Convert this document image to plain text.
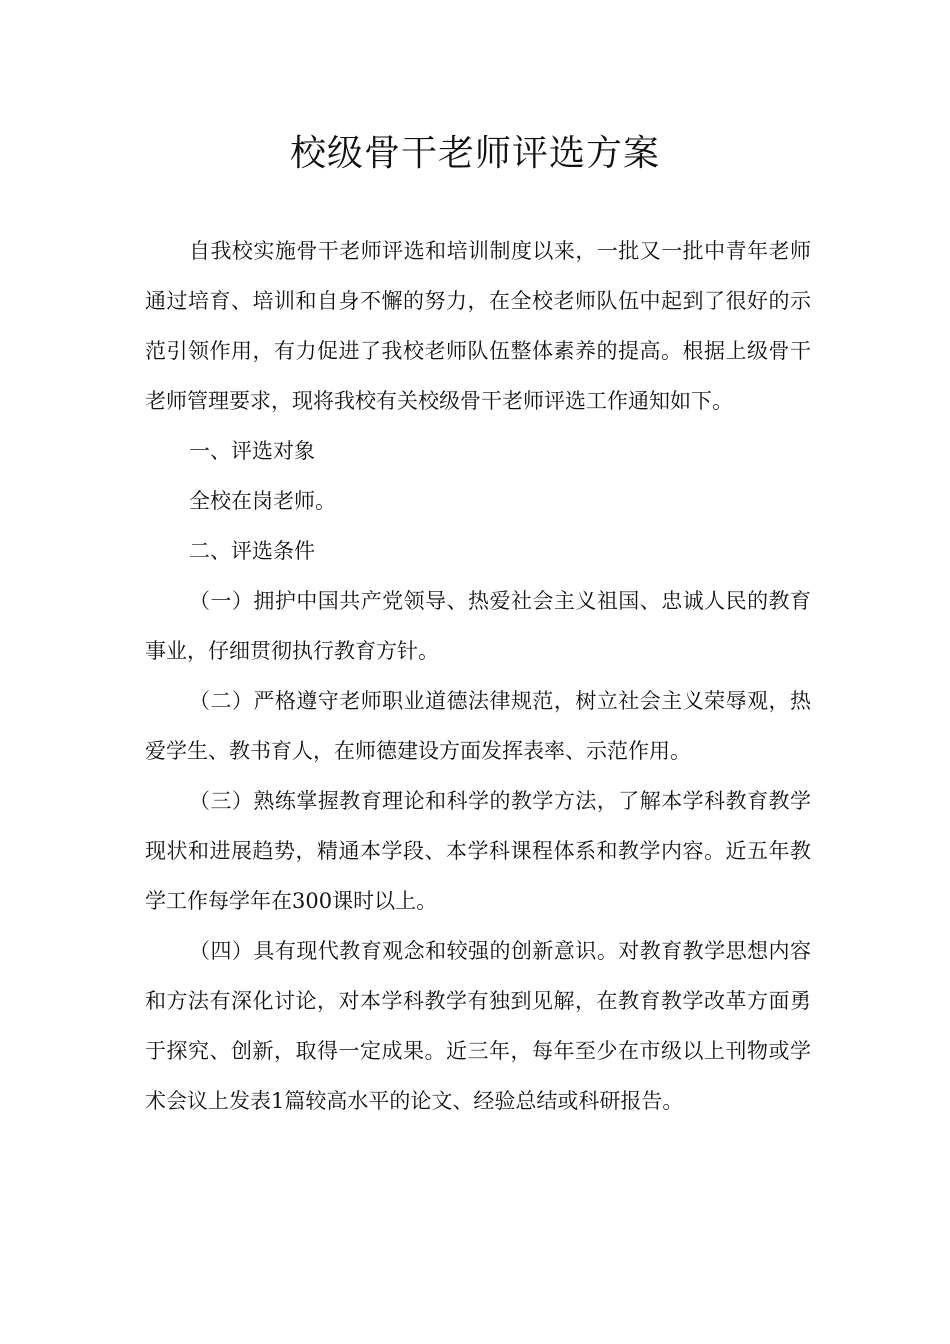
校级骨干老师评选方案

自我校实施骨干老师评选和培训制度以来，一批又一批中青年老师通过培育、培训和自身不懈的努力，在全校老师队伍中起到了很好的示范引领作用，有力促进了我校老师队伍整体素养的提高。根据上级骨干老师管理要求，现将我校有关校级骨干老师评选工作通知如下。

一、评选对象

全校在岗老师。

二、评选条件

（一）拥护中国共产党领导、热爱社会主义祖国、忠诚人民的教育事业，仔细贯彻执行教育方针。

（二）严格遵守老师职业道德法律规范，树立社会主义荣辱观，热爱学生、教书育人，在师德建设方面发挥表率、示范作用。

（三）熟练掌握教育理论和科学的教学方法，了解本学科教育教学现状和进展趋势，精通本学段、本学科课程体系和教学内容。近五年教学工作每学年在300课时以上。

（四）具有现代教育观念和较强的创新意识。对教育教学思想内容和方法有深化讨论，对本学科教学有独到见解，在教育教学改革方面勇于探究、创新，取得一定成果。近三年，每年至少在市级以上刊物或学术会议上发表1篇较高水平的论文、经验总结或科研报告。
